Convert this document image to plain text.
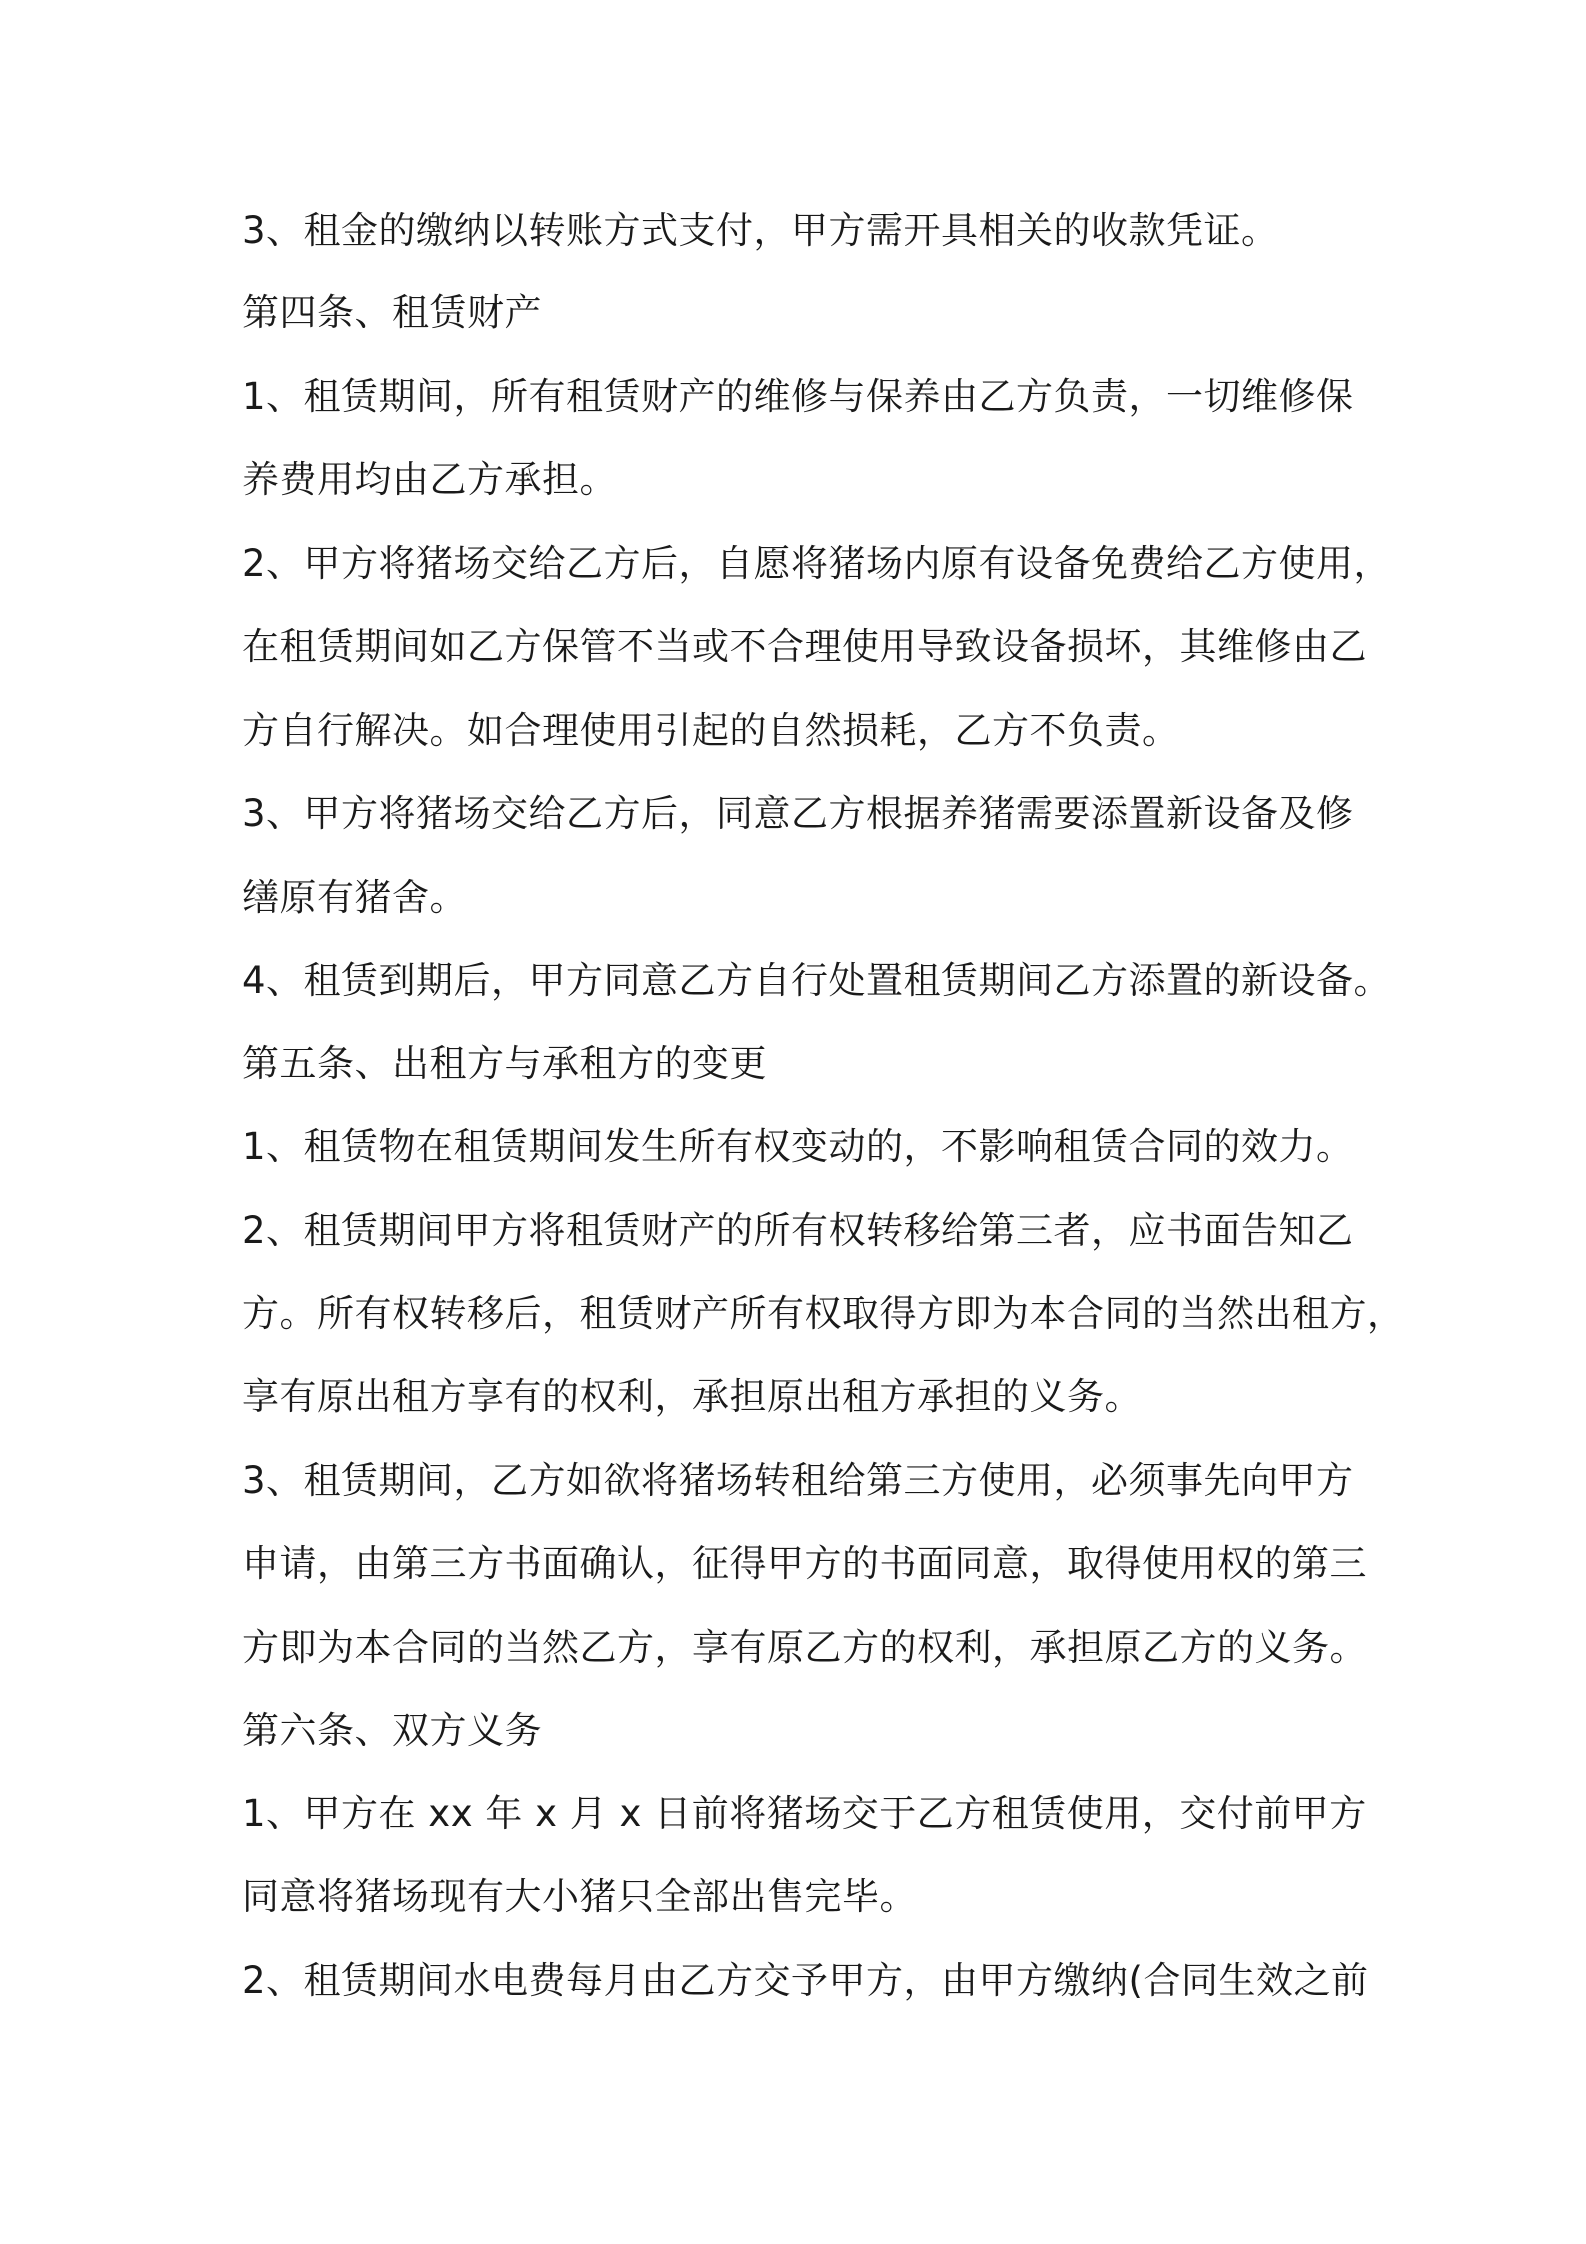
3、租金的缴纳以转账方式支付，甲方需开具相关的收款凭证。
第四条、租赁财产
1、租赁期间，所有租赁财产的维修与保养由乙方负责，一切维修保
养费用均由乙方承担。
2、甲方将猪场交给乙方后，自愿将猪场内原有设备免费给乙方使用，
在租赁期间如乙方保管不当或不合理使用导致设备损坏，其维修由乙
方自行解决。如合理使用引起的自然损耗，乙方不负责。
3、甲方将猪场交给乙方后，同意乙方根据养猪需要添置新设备及修
缮原有猪舍。
4、租赁到期后，甲方同意乙方自行处置租赁期间乙方添置的新设备。
第五条、出租方与承租方的变更
1、租赁物在租赁期间发生所有权变动的，不影响租赁合同的效力。
2、租赁期间甲方将租赁财产的所有权转移给第三者，应书面告知乙
方。所有权转移后，租赁财产所有权取得方即为本合同的当然出租方，
享有原出租方享有的权利，承担原出租方承担的义务。
3、租赁期间，乙方如欲将猪场转租给第三方使用，必须事先向甲方
申请，由第三方书面确认，征得甲方的书面同意，取得使用权的第三
方即为本合同的当然乙方，享有原乙方的权利，承担原乙方的义务。
第六条、双方义务
1、甲方在 xx 年 x 月 x 日前将猪场交于乙方租赁使用，交付前甲方
同意将猪场现有大小猪只全部出售完毕。
2、租赁期间水电费每月由乙方交予甲方，由甲方缴纳(合同生效之前
